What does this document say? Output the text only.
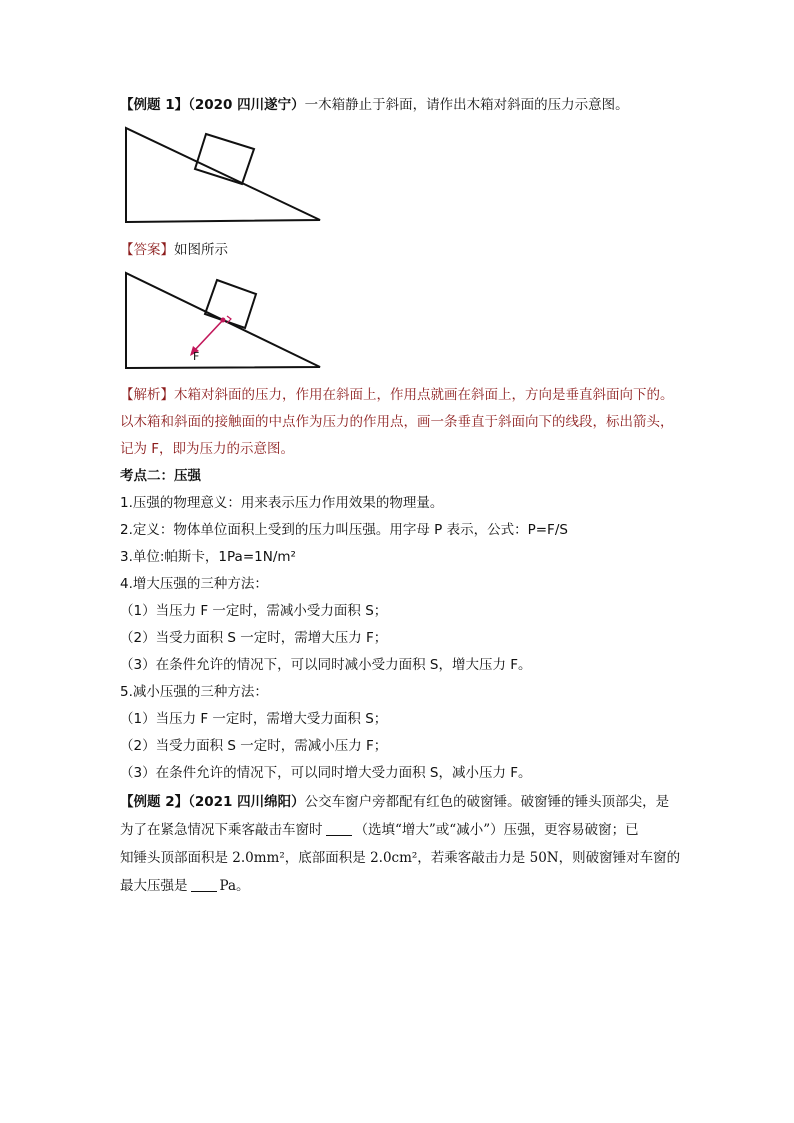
【例题 1】（2020 四川遂宁）一木箱静止于斜面，请作出木箱对斜面的压力示意图。
【答案】如图所示
F
【解析】木箱对斜面的压力，作用在斜面上，作用点就画在斜面上，方向是垂直斜面向下的。
以木箱和斜面的接触面的中点作为压力的作用点，画一条垂直于斜面向下的线段，标出箭头，
记为 F，即为压力的示意图。
考点二：压强
1.压强的物理意义：用来表示压力作用效果的物理量。
2.定义：物体单位面积上受到的压力叫压强。用字母 P 表示，公式：P=F/S
3.单位:帕斯卡，1Pa=1N/m²
4.增大压强的三种方法：
（1）当压力 F 一定时，需减小受力面积 S；
（2）当受力面积 S 一定时，需增大压力 F；
（3）在条件允许的情况下，可以同时减小受力面积 S，增大压力 F。
5.减小压强的三种方法：
（1）当压力 F 一定时，需增大受力面积 S；
（2）当受力面积 S 一定时，需减小压力 F；
（3）在条件允许的情况下，可以同时增大受力面积 S，减小压力 F。
【例题 2】（2021 四川绵阳）公交车窗户旁都配有红色的破窗锤。破窗锤的锤头顶部尖，是
为了在紧急情况下乘客敲击车窗时 （选填“增大”或“减小”）压强，更容易破窗；已
知锤头顶部面积是 2.0mm²，底部面积是 2.0cm²，若乘客敲击力是 50N，则破窗锤对车窗的
最大压强是 Pa。
